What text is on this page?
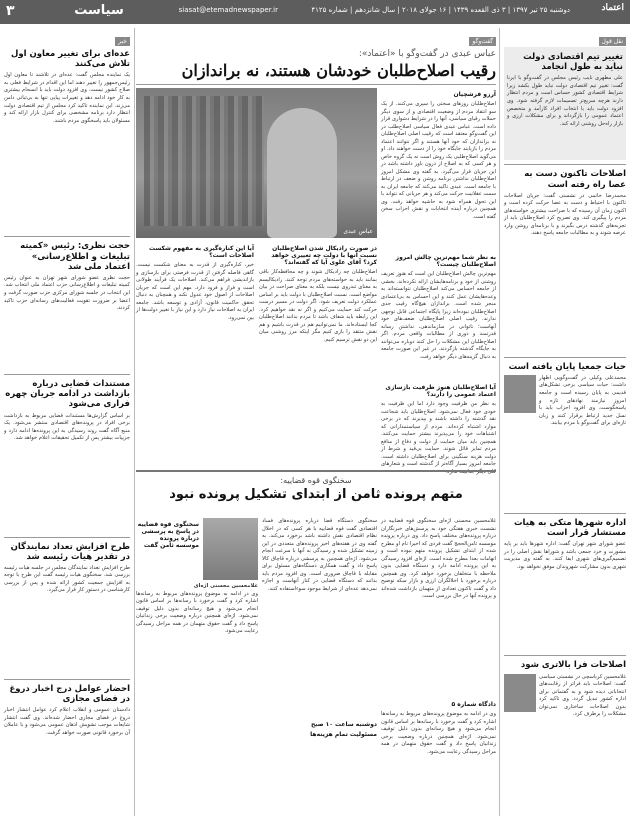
اعتماد
دوشنبه ۲۵ تیر ۱۳۹۷ | ۳ ذی القعده ۱۴۳۹ | ۱۶ جولای ۲۰۱۸ | سال شانزدهم | شماره ۴۱۲۵
siasat@etemadnewspaper.ir
سیاست
۳
نقل قول
تغییر تیم اقتصادی دولت نباید به طول انجامد
علی مطهری نایب رئیس مجلس در گفت‌وگو با ایرنا گفت: تغییر تیم اقتصادی دولت نباید طول بکشد زیرا شرایط اقتصادی کشور حساس است و مردم انتظار دارند هرچه سریع‌تر تصمیمات لازم گرفته شود. وی افزود دولت باید با انتخاب افراد کارآمد و متخصص اعتماد عمومی را بازگرداند و برای مشکلات ارزی و بازار راه‌حل روشنی ارائه کند.
اصلاحات تاکنون دست به عصا راه رفته است
محمدرضا خاتمی در نشستی گفت: جریان اصلاحات تاکنون با احتیاط و دست به عصا حرکت کرده است و اکنون زمان آن رسیده که با صراحت بیشتری خواسته‌های مردم را پیگیری کند. وی تصریح کرد اصلاح‌طلبان باید از تجربه‌های گذشته درس بگیرند و با برنامه‌ای روشن وارد عرصه شوند و به مطالبات جامعه پاسخ دهند.
حیات جمعیا پایان یافته است
محمدعلی وکیلی در گفت‌وگویی اظهار داشت: حیات سیاسی برخی تشکل‌های قدیمی به پایان رسیده است و جامعه امروز نیازمند نهادهای تازه و پاسخگوست. وی افزود احزاب باید با نسل جدید ارتباط برقرار کنند و زبان تازه‌ای برای گفت‌وگو با مردم بیابند.
اداره شهرها متکی به هیات مستشار قرار است
عضو شورای شهر تهران گفت: اداره شهرها باید بر پایه مشورت و خرد جمعی باشد و شوراها نقش اصلی را در تصمیم‌گیری‌های شهری ایفا کنند. به گفته وی مدیریت شهری بدون مشارکت شهروندان موفق نخواهد بود.
اصلاحات فرا بالاتری شود
غلامحسین کرباسچی در نشستی سیاسی گفت: اصلاحات باید فراتر از رقابت‌های انتخاباتی دیده شود و به گفتمانی برای اداره کشور تبدیل گردد. وی تاکید کرد بدون اصلاحات ساختاری نمی‌توان مشکلات را برطرف کرد.
گفت‌وگو
عباس عبدی در گفت‌وگو با «اعتماد»:
رقیب اصلاح‌طلبان خودشان هستند، نه براندازان
آرزو فرشچیان
اصلاح‌طلبان روزهای سختی را سپری می‌کنند. از یک سو انتقاد مردم از وضعیت اقتصادی و از سوی دیگر حملات رقبای سیاسی، آنها را در شرایط دشواری قرار داده است. عباس عبدی فعال سیاسی اصلاح‌طلب در این گفت‌وگو معتقد است که رقیب اصلی اصلاح‌طلبان نه براندازان که خود آنها هستند و اگر نتوانند اعتماد مردم را بازیابند جایگاه خود را از دست خواهند داد. او می‌گوید اصلاح‌طلبی یک روش است نه یک گروه خاص و هر کسی که به اصلاح از درون باور داشته باشد در این جریان قرار می‌گیرد. به گفته وی مشکل امروز اصلاح‌طلبان نداشتن برنامه روشن و ضعف در ارتباط با جامعه است. عبدی تاکید می‌کند که جامعه ایران به سمت عقلانیت حرکت می‌کند و هر جریانی که نتواند با این تحول همراه شود به حاشیه خواهد رفت. وی همچنین درباره آینده انتخابات و نقش احزاب سخن گفته است.
به نظر شما مهم‌ترین چالش امروز اصلاح‌طلبان چیست؟
مهم‌ترین چالش اصلاح‌طلبان این است که هنوز تعریف روشنی از خود و برنامه‌هایشان ارائه نکرده‌اند. بخشی از جامعه احساس می‌کند اصلاح‌طلبان نتوانسته‌اند به وعده‌هایشان عمل کنند و این احساس به بی‌اعتمادی منجر شده است. براندازان هیچ‌گاه رقیب جدی اصلاح‌طلبان نبوده‌اند زیرا پایگاه اجتماعی قابل توجهی ندارند. رقیب اصلی اصلاح‌طلبان ضعف‌های خود آنهاست؛ ناتوانی در سازماندهی، نداشتن رسانه قدرتمند و دوری از مطالبات واقعی مردم. اگر اصلاح‌طلبان این مشکلات را حل کنند دوباره می‌توانند به جایگاه گذشته بازگردند. در غیر این صورت جامعه به دنبال گزینه‌های دیگر خواهد رفت.
آیا اصلاح‌طلبان هنوز ظرفیت بازسازی اعتماد عمومی را دارند؟
به نظر من ظرفیت وجود دارد اما این ظرفیت به خودی خود فعال نمی‌شود. اصلاح‌طلبان باید شجاعت نقد گذشته را داشته باشند و بپذیرند که در برخی موارد اشتباه کرده‌اند. مردم از سیاستمدارانی که اشتباهات خود را می‌پذیرند بیشتر حمایت می‌کنند. همچنین باید میان حمایت از دولت و دفاع از منافع مردم تمایز قائل شوند. حمایت بی‌قید و شرط از دولت هزینه سنگینی برای اصلاح‌طلبان داشته است. جامعه امروز بسیار آگاه‌تر از گذشته است و شعارهای کلی دیگر جذابیت ندارد.
عباس عبدی
در صورت رادیکال شدن اصلاح‌طلبان نسبت آنها با دولت چه تغییری خواهد کرد؟ آقای علوی آیا که گفته‌اند؟
اصلاح‌طلبان چه رادیکال شوند و چه محافظه‌کار باقی بمانند باید به خواسته‌های مردم توجه کنند. رادیکالیسم به معنای تندروی نیست بلکه به معنای صراحت در بیان مواضع است. نسبت اصلاح‌طلبان با دولت باید بر اساس عملکرد دولت تعریف شود. اگر دولت در مسیر درست حرکت کند حمایت می‌کنیم و اگر نه نقد خواهیم کرد. این رابطه باید شفاف باشد تا مردم بدانند اصلاح‌طلبان کجا ایستاده‌اند. ما نمی‌توانیم هم در قدرت باشیم و هم نقش منتقد را بازی کنیم مگر اینکه مرز روشنی میان این دو نقش ترسیم کنیم.
آیا این کناره‌گیری به مفهوم شکست اصلاحات است؟
خیر، کناره‌گیری از قدرت به معنای شکست نیست. گاهی فاصله گرفتن از قدرت فرصتی برای بازسازی و بازاندیشی فراهم می‌کند. اصلاحات یک فرآیند طولانی است و فراز و فرود دارد. مهم این است که جریان اصلاحات از اصول خود عدول نکند و همچنان به دنبال تحقق حاکمیت قانون، آزادی و توسعه باشد. جامعه ایران به اصلاحات نیاز دارد و این نیاز با تغییر دولت‌ها از بین نمی‌رود.
سخنگوی قوه قضاییه:
متهم پرونده ثامن از ابتدای تشکیل پرونده نبود
غلامحسین محسنی اژه‌ای سخنگوی قوه قضاییه در نشست خبری هفتگی خود به پرسش‌های خبرنگاران درباره پرونده‌های مختلف پاسخ داد. وی درباره پرونده موسسه ثامن‌الحجج گفت فردی که اخیرا نام او مطرح شده از ابتدای تشکیل پرونده متهم نبوده است و اتهامات بعدا مطرح شده است. اژه‌ای افزود رسیدگی به این پرونده ادامه دارد و دستگاه قضایی بدون ملاحظه با متخلفان برخورد خواهد کرد. وی همچنین درباره برخورد با اخلالگران ارزی و بازار سکه توضیح داد و گفت تاکنون تعدادی از متهمان بازداشت شده‌اند و پرونده آنها در حال بررسی است.
دادگاه شماره ۵
وی در ادامه به موضوع پرونده‌های مربوط به رسانه‌ها اشاره کرد و گفت برخورد با رسانه‌ها بر اساس قانون انجام می‌شود و هیچ رسانه‌ای بدون دلیل توقیف نمی‌شود. اژه‌ای همچنین درباره وضعیت برخی زندانیان پاسخ داد و گفت حقوق متهمان در همه مراحل رسیدگی رعایت می‌شود.
سخنگوی دستگاه قضا درباره پرونده‌های فساد اقتصادی گفت قوه قضاییه با هر کسی که در اخلال نظام اقتصادی نقش داشته باشد برخورد می‌کند. به گفته وی در هفته‌های اخیر پرونده‌های متعددی در این زمینه تشکیل شده و رسیدگی به آنها با سرعت انجام می‌شود. اژه‌ای همچنین به پرسشی درباره قاچاق کالا پاسخ داد و گفت همکاری دستگاه‌های مسئول برای مقابله با قاچاق ضروری است. وی افزود مردم باید بدانند که دستگاه قضایی در کنار آنهاست و اجازه نمی‌دهد عده‌ای از شرایط موجود سوءاستفاده کنند.
دوشنبه ساعت ۱۰ صبح
مسئولیت تمام هزینه‌ها
سخنگوی قوه قضاییه در پاسخ به پرسشی درباره پرونده موسسه ثامن گفت
غلامحسین محسنی اژه‌ای
وی در ادامه به موضوع پرونده‌های مربوط به رسانه‌ها اشاره کرد و گفت برخورد با رسانه‌ها بر اساس قانون انجام می‌شود و هیچ رسانه‌ای بدون دلیل توقیف نمی‌شود. اژه‌ای همچنین درباره وضعیت برخی زندانیان پاسخ داد و گفت حقوق متهمان در همه مراحل رسیدگی رعایت می‌شود.
خبر
عده‌ای برای تغییر معاون اول تلاش می‌کنند
یک نماینده مجلس گفت: عده‌ای در تلاشند تا معاون اول رئیس‌جمهور را تغییر دهند اما این اقدام در شرایط فعلی به صلاح کشور نیست. وی افزود دولت باید با انسجام بیشتری به کار خود ادامه دهد و تغییرات پیاپی تنها به بی‌ثباتی دامن می‌زند. این نماینده تاکید کرد مجلس از تیم اقتصادی دولت انتظار دارد برنامه مشخصی برای کنترل بازار ارائه کند و مسئولان باید پاسخگوی مردم باشند.
حجت نظری: رئیس «کمیته تبلیغات و اطلاع‌رسانی» اعتماد ملی شد
حجت نظری عضو شورای شهر تهران به عنوان رئیس کمیته تبلیغات و اطلاع‌رسانی حزب اعتماد ملی انتخاب شد. این انتخاب در جلسه شورای مرکزی حزب صورت گرفت و اعضا بر ضرورت تقویت فعالیت‌های رسانه‌ای حزب تاکید کردند.
مستندات قضایی درباره بازداشت در ادامه جریان چهره فراری می‌شود
بر اساس گزارش‌ها مستندات قضایی مربوط به بازداشت برخی افراد در پرونده‌های اقتصادی منتشر می‌شود. یک منبع آگاه گفت روند رسیدگی به این پرونده‌ها ادامه دارد و جزییات بیشتر پس از تکمیل تحقیقات اعلام خواهد شد.
طرح افزایش تعداد نمایندگان در تقدیر هیات رئیسه شد
طرح افزایش تعداد نمایندگان مجلس در جلسه هیات رئیسه بررسی شد. سخنگوی هیات رئیسه گفت این طرح با توجه به افزایش جمعیت کشور ارائه شده و پس از بررسی کارشناسی در دستور کار قرار می‌گیرد.
احضار عوامل درج اخبار دروغ در فضای مجازی
دادستان عمومی و انقلاب اعلام کرد عوامل انتشار اخبار دروغ در فضای مجازی احضار شده‌اند. وی گفت انتشار شایعات موجب تشویش اذهان عمومی می‌شود و با عاملان آن برخورد قانونی صورت خواهد گرفت.
